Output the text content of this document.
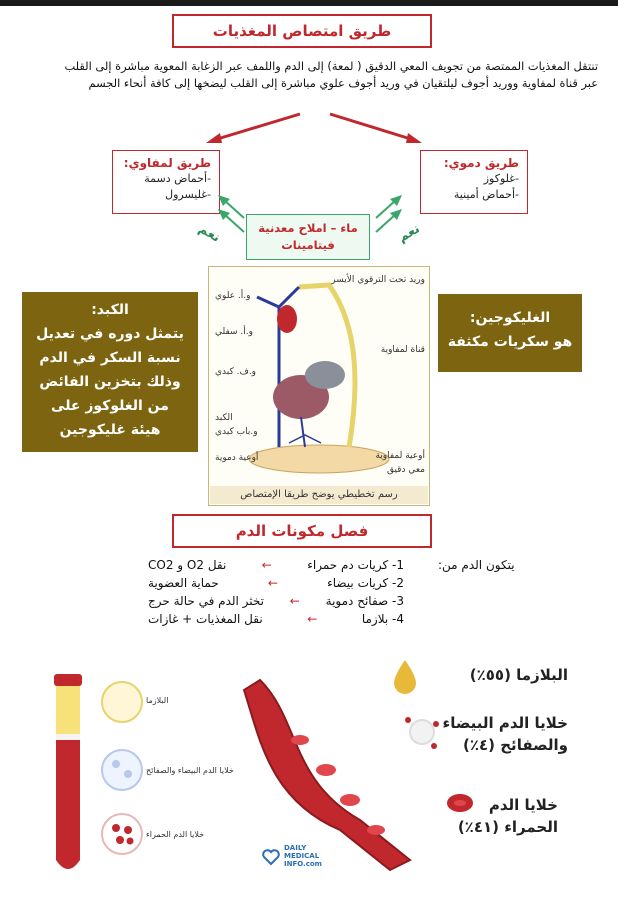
طريق امتصاص المغذيات
تنتقل المغذيات الممتصة من تجويف المعي الدقيق ( لمعة) إلى الدم واللمف عبر الزغابة المعوية مباشرة إلى القلب
عبر قناة لمفاوية ووريد أجوف ليلتقيان في وريد أجوف علوي مباشرة إلى القلب ليضخها إلى كافة أنحاء الجسم
طريق دموي:
-غلوكوز
-أحماض أمينية
طريق لمفاوي:
-أحماض دسمة
-غليسرول
ماء – املاح معدنية
فيتامينات	نعم
نعم
الكبد:
يتمثل دوره في تعديل
نسبة السكر في الدم
وذلك بتخزين الفائض
من الغلوكوز على
هيئة غليكوجين
الغليكوجين:
هو سكريات مكثفة
وريد تحت الترقوي الأيسر
و.أ. علوي
و.أ. سفلي
قناة لمفاوية
و.ف. كبدي
الكبد
و.باب كبدي
أوعية دموية	أوعية لمفاوية
معي دقيق
رسم تخطيطي يوضح طريقا الإمتصاص
فصل مكونات الدم
يتكون الدم من:
1- كريات دم حمراء
←
نقل O2 و CO2
2- كريات بيضاء
←
حماية العضوية
3- صفائح دموية
←
تخثر الدم في حالة حرج
4- بلازما
←
نقل المغذيات + غازات
البلازما
خلايا الدم البيضاء والصفائح
خلايا الدم الحمراء
البلازما (٥٥٪)
خلايا الدم البيضاء
والصفائح (٤٪)
خلايا الدم
الحمراء (٤١٪)
DAILY
MEDICAL
INFO.com
